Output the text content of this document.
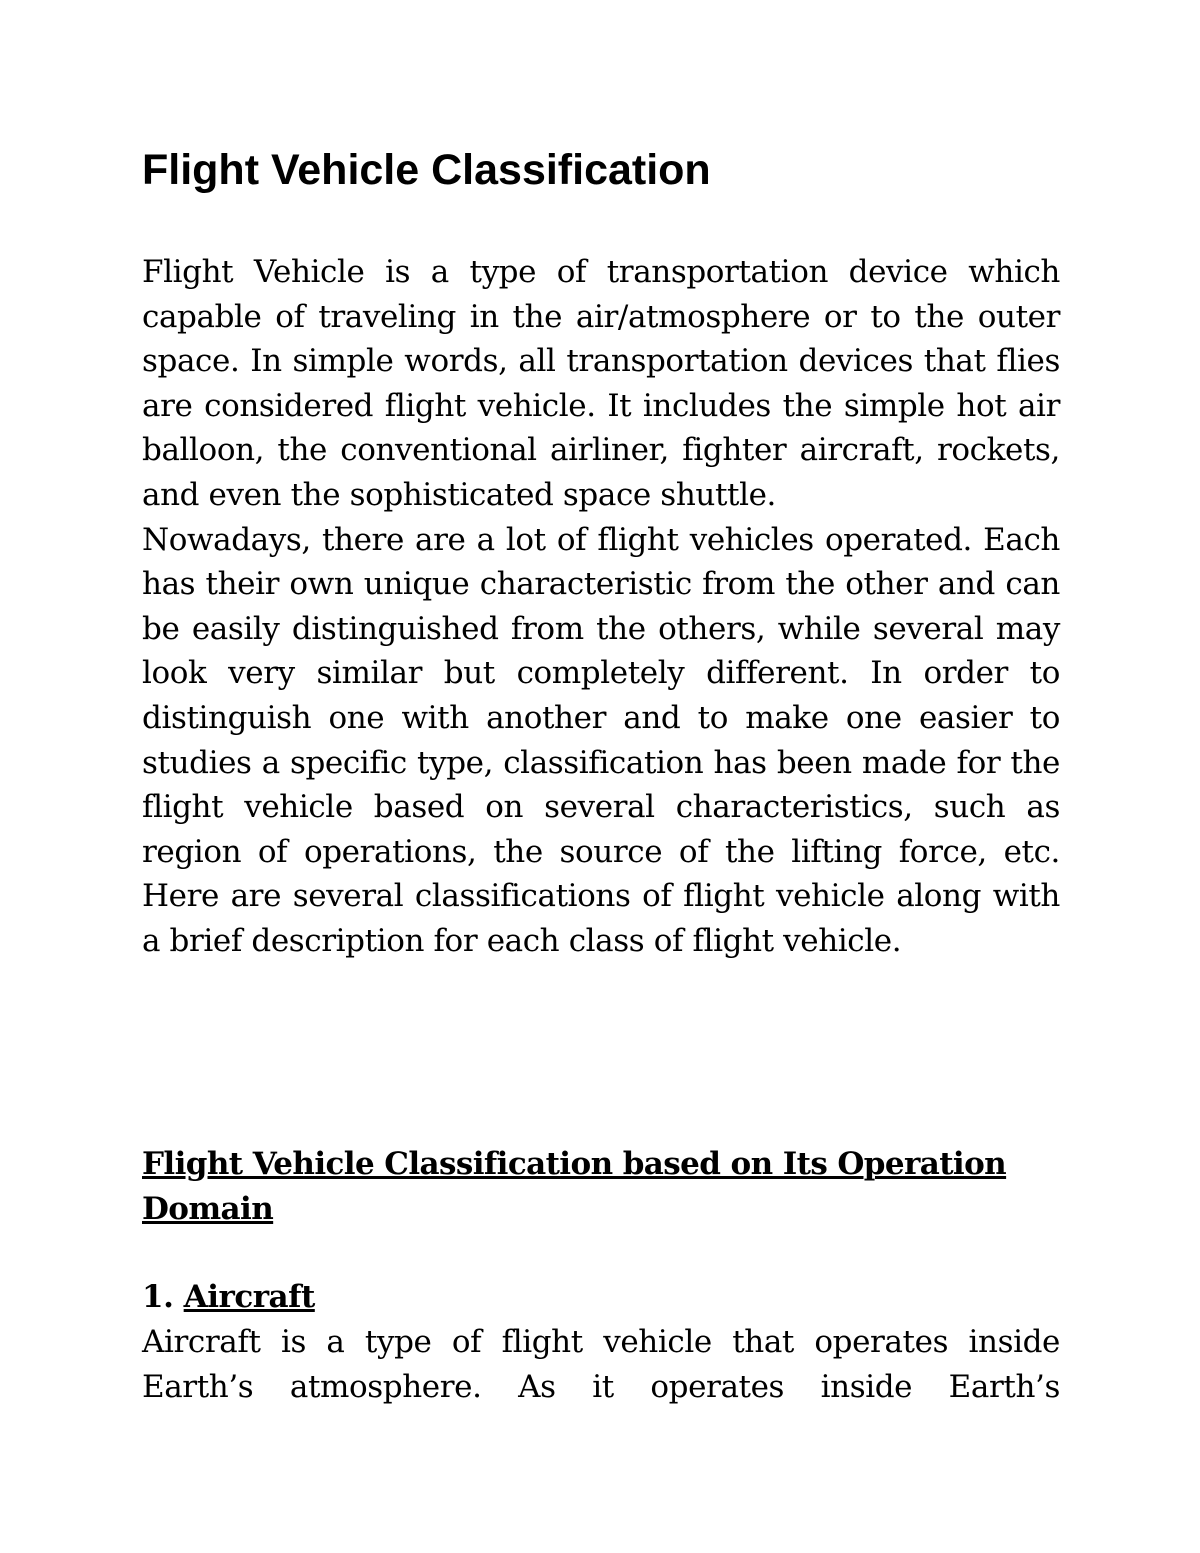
Flight Vehicle Classification

Flight Vehicle is a type of transportation device which capable of traveling in the air/atmosphere or to the outer space. In simple words, all transportation devices that flies are considered flight vehicle. It includes the simple hot air balloon, the conventional airliner, fighter aircraft, rockets, and even the sophisticated space shuttle.

Nowadays, there are a lot of flight vehicles operated. Each has their own unique characteristic from the other and can be easily distinguished from the others, while several may look very similar but completely different. In order to distinguish one with another and to make one easier to studies a specific type, classification has been made for the flight vehicle based on several characteristics, such as region of operations, the source of the lifting force, etc. Here are several classifications of flight vehicle along with a brief description for each class of flight vehicle.

Flight Vehicle Classification based on Its Operation Domain
1. Aircraft

Aircraft is a type of flight vehicle that operates inside Earth’s atmosphere. As it operates inside Earth’s
